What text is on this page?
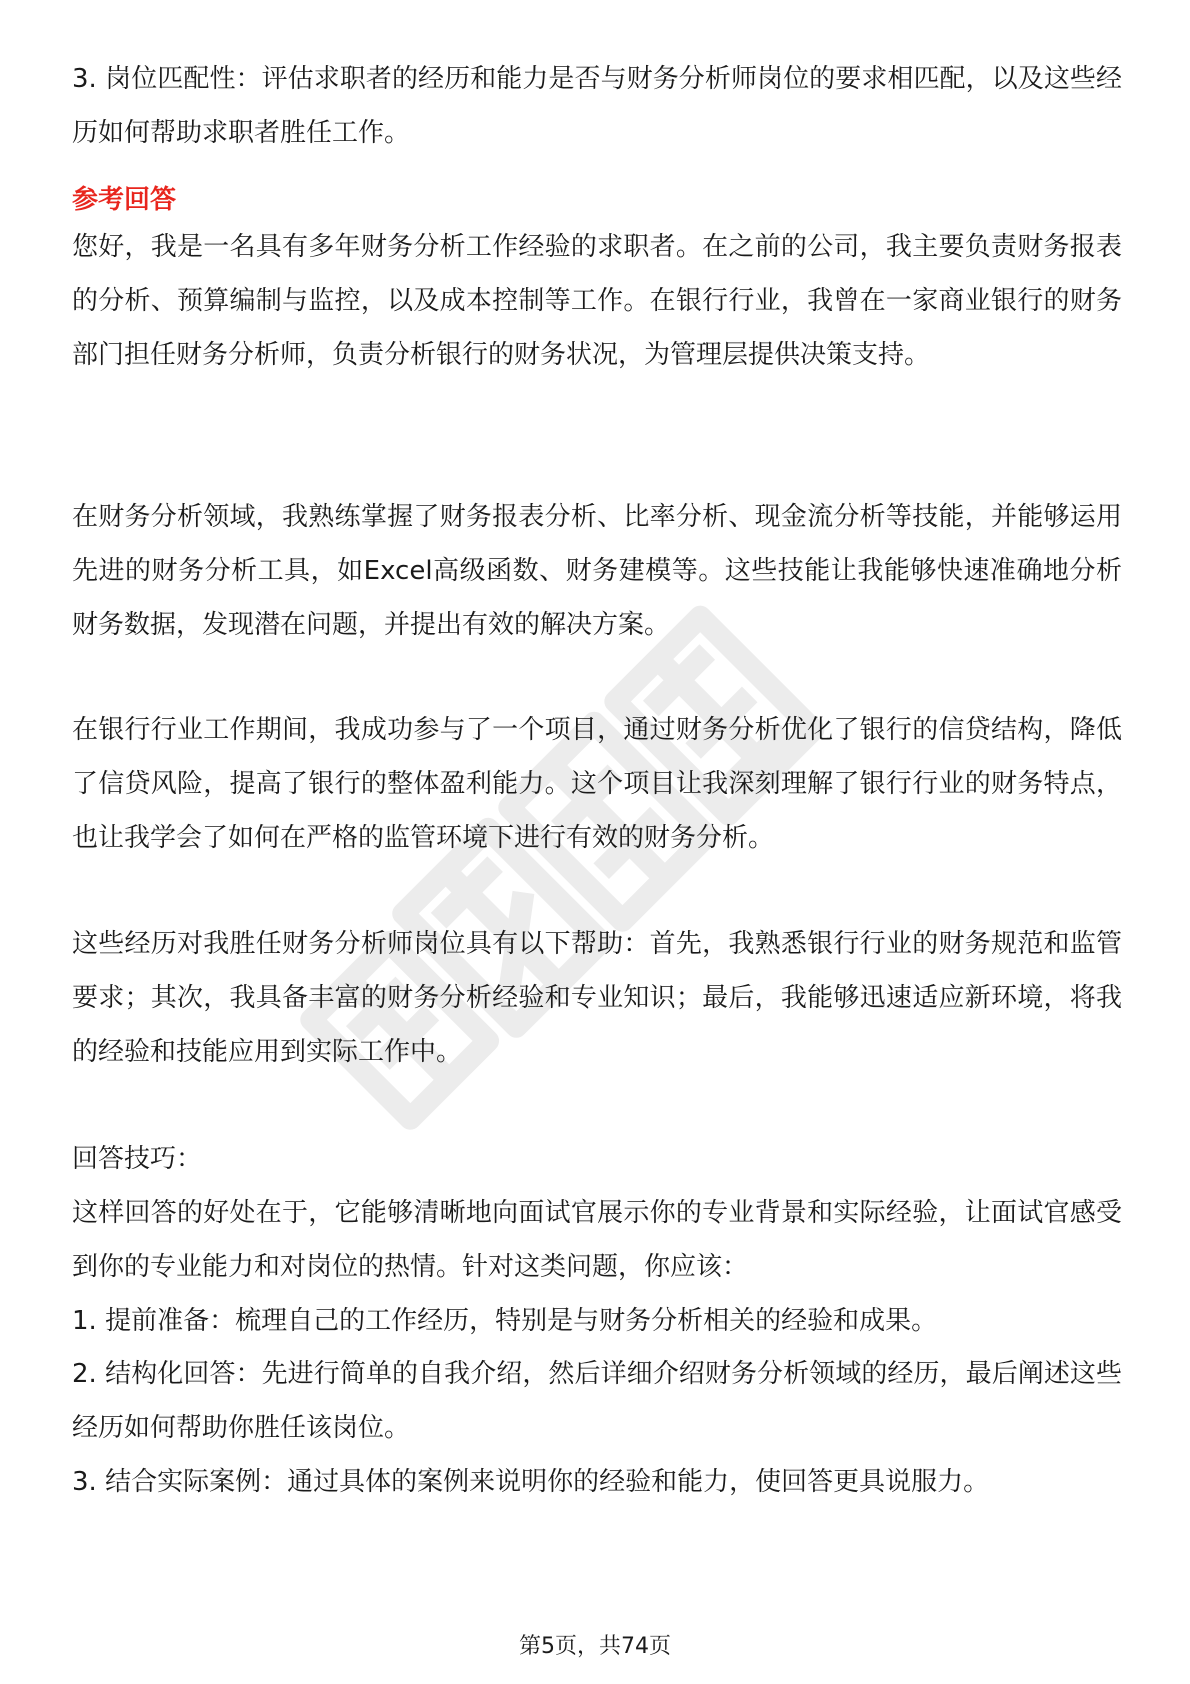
3. 岗位匹配性：评估求职者的经历和能力是否与财务分析师岗位的要求相匹配，以及这些经历如何帮助求职者胜任工作。

参考回答

您好，我是一名具有多年财务分析工作经验的求职者。在之前的公司，我主要负责财务报表的分析、预算编制与监控，以及成本控制等工作。在银行行业，我曾在一家商业银行的财务部门担任财务分析师，负责分析银行的财务状况，为管理层提供决策支持。

在财务分析领域，我熟练掌握了财务报表分析、比率分析、现金流分析等技能，并能够运用先进的财务分析工具，如Excel高级函数、财务建模等。这些技能让我能够快速准确地分析财务数据，发现潜在问题，并提出有效的解决方案。

在银行行业工作期间，我成功参与了一个项目，通过财务分析优化了银行的信贷结构，降低了信贷风险，提高了银行的整体盈利能力。这个项目让我深刻理解了银行行业的财务特点，也让我学会了如何在严格的监管环境下进行有效的财务分析。

这些经历对我胜任财务分析师岗位具有以下帮助：首先，我熟悉银行行业的财务规范和监管要求；其次，我具备丰富的财务分析经验和专业知识；最后，我能够迅速适应新环境，将我的经验和技能应用到实际工作中。

回答技巧：

这样回答的好处在于，它能够清晰地向面试官展示你的专业背景和实际经验，让面试官感受到你的专业能力和对岗位的热情。针对这类问题，你应该：

1. 提前准备：梳理自己的工作经历，特别是与财务分析相关的经验和成果。

2. 结构化回答：先进行简单的自我介绍，然后详细介绍财务分析领域的经历，最后阐述这些经历如何帮助你胜任该岗位。

3. 结合实际案例：通过具体的案例来说明你的经验和能力，使回答更具说服力。

第5页，共74页
